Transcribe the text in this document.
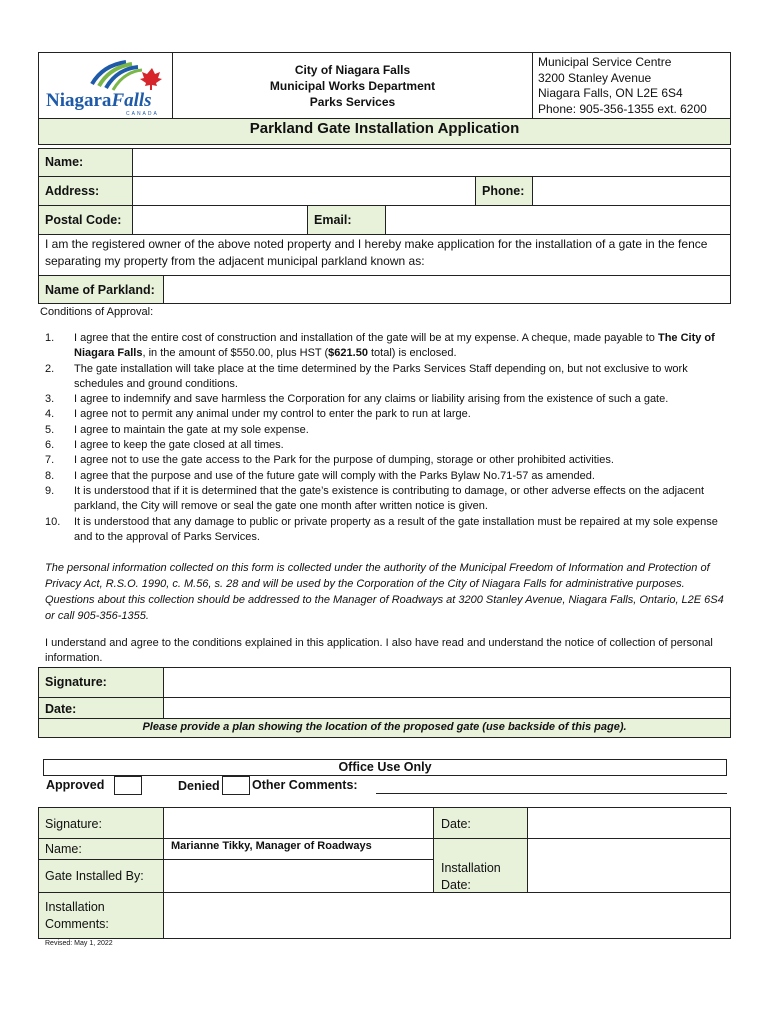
NiagaraFalls
CANADA
City of Niagara Falls
Municipal Works Department
Parks Services
Municipal Service Centre
3200 Stanley Avenue
Niagara Falls, ON L2E 6S4
Phone: 905-356-1355 ext. 6200
Parkland Gate Installation Application
Name:
Address:	Phone:
Postal Code:	Email:
I am the registered owner of the above noted property and I hereby make application for the installation of a gate in the fence separating my property from the adjacent municipal parkland known as:
Name of Parkland:
Conditions of Approval:
1. I agree that the entire cost of construction and installation of the gate will be at my expense. A cheque, made payable to The City of Niagara Falls, in the amount of $550.00, plus HST ($621.50 total) is enclosed.
2. The gate installation will take place at the time determined by the Parks Services Staff depending on, but not exclusive to work schedules and ground conditions.
3. I agree to indemnify and save harmless the Corporation for any claims or liability arising from the existence of such a gate.
4. I agree not to permit any animal under my control to enter the park to run at large.
5. I agree to maintain the gate at my sole expense.
6. I agree to keep the gate closed at all times.
7. I agree not to use the gate access to the Park for the purpose of dumping, storage or other prohibited activities.
8. I agree that the purpose and use of the future gate will comply with the Parks Bylaw No.71-57 as amended.
9. It is understood that if it is determined that the gate’s existence is contributing to damage, or other adverse effects on the adjacent parkland, the City will remove or seal the gate one month after written notice is given.
10. It is understood that any damage to public or private property as a result of the gate installation must be repaired at my sole expense and to the approval of Parks Services.
The personal information collected on this form is collected under the authority of the Municipal Freedom of Information and Protection of Privacy Act, R.S.O. 1990, c. M.56, s. 28 and will be used by the Corporation of the City of Niagara Falls for administrative purposes. Questions about this collection should be addressed to the Manager of Roadways at 3200 Stanley Avenue, Niagara Falls, Ontario, L2E 6S4 or call 905-356-1355.
I understand and agree to the conditions explained in this application. I also have read and understand the notice of collection of personal information.
Signature:
Date:
Please provide a plan showing the location of the proposed gate (use backside of this page).
Office Use Only
Approved	Denied	Other Comments:
Signature:	Date:
Name:	Marianne Tikky, Manager of Roadways
Gate Installed By:
Installation
Date:
Installation
Comments:
Revised: May 1, 2022
